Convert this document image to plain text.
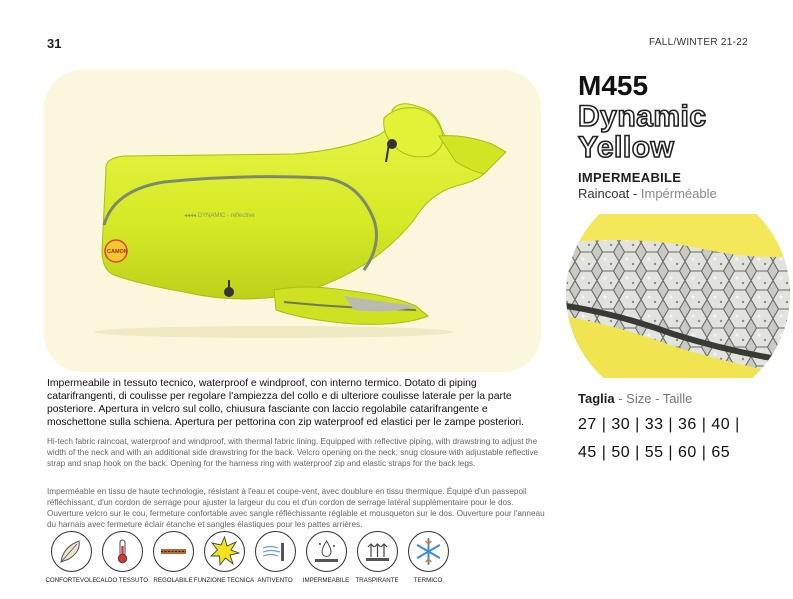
31	FALL/WINTER 21-22
◂◂◂◂ DYNAMIC · reflective
CAMON
M455
Dynamic
Yellow
IMPERMEABILE
Raincoat - Impérméable
Taglia - Size - Taille
27 | 30 | 33 | 36 | 40 |
45 | 50 | 55 | 60 | 65
Impermeabile in tessuto tecnico, waterproof e windproof, con interno termico. Dotato di piping catarifrangenti, di coulisse per regolare l'ampiezza del collo e di ulteriore coulisse laterale per la parte posteriore. Apertura in velcro sul collo, chiusura fasciante con laccio regolabile catarifrangente e moschettone sulla schiena. Apertura per pettorina con zip waterproof ed elastici per le zampe posteriori.
Hi-tech fabric raincoat, waterproof and windproof, with thermal fabric lining. Equipped with reflective piping, with drawstring to adjust the width of the neck and with an additional side drawstring for the back. Velcro opening on the neck, snug closure with adjustable reflective strap and snap hook on the back. Opening for the harness ring with waterproof zip and elastic straps for the back legs.
Imperméable en tissu de haute technologie, résistant à l'eau et coupe-vent, avec doublure en tissu thermique. Équipé d'un passepoil réfléchissant, d'un cordon de serrage pour ajuster la largeur du cou et d'un cordon de serrage latéral supplémentaire pour le dos. Ouverture velcro sur le cou, fermeture confortable avec sangle réfléchissante réglable et mousqueton sur le dos. Ouverture pour l'anneau du harnais avec fermeture éclair étanche et sangles élastiques pour les pattes arrières.
CONFORTEVOLE CALDO TESSUTO REGOLABILE FUNZIONE TECNICA ANTIVENTO	IMPERMEABILE TRASPIRANTE	TERMICO
